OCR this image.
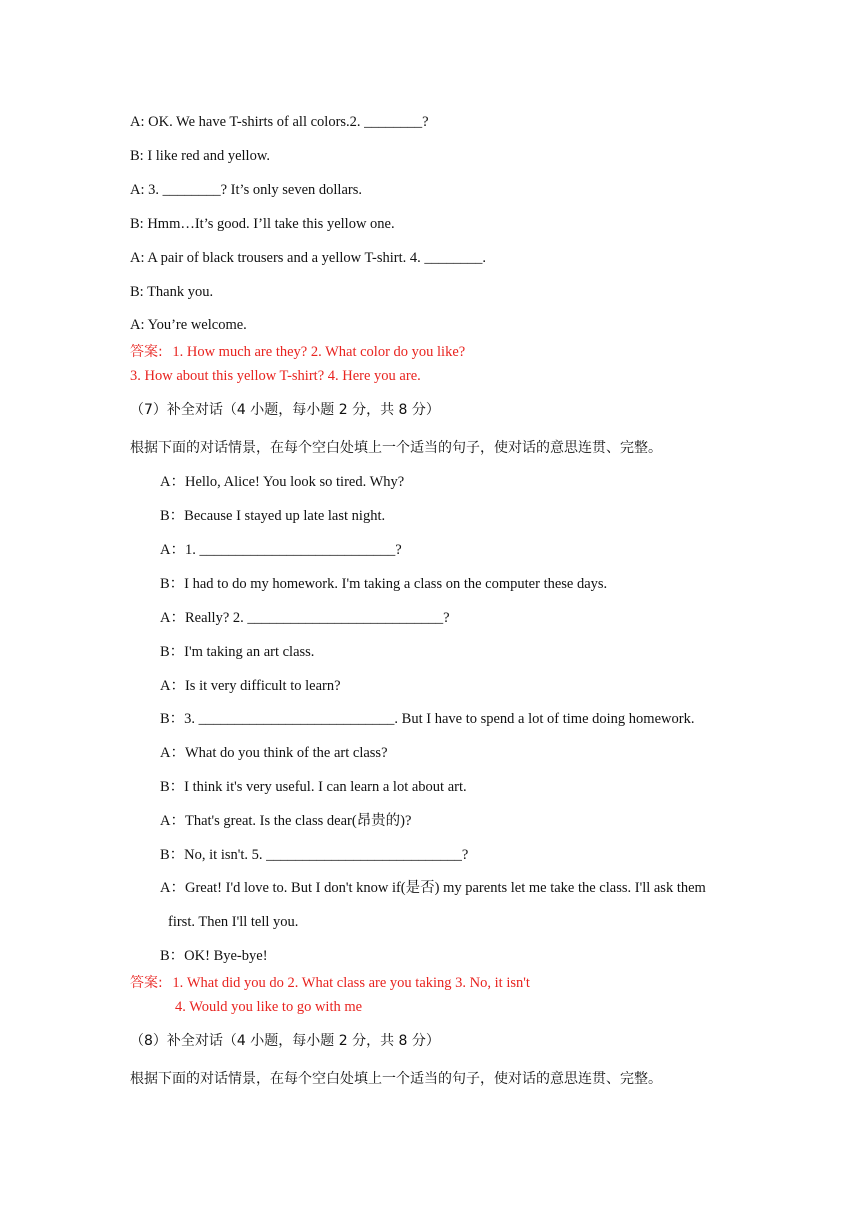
A: OK. We have T-shirts of all colors.2. ________?
B: I like red and yellow.
A: 3. ________? It’s only seven dollars.
B: Hmm…It’s good. I’ll take this yellow one.
A: A pair of black trousers and a yellow T-shirt. 4. ________.
B: Thank you.
A: You’re welcome.
答案: 1. How much are they? 2. What color do you like?
3. How about this yellow T-shirt? 4. Here you are.
（7）补全对话（4 小题，每小题 2 分，共 8 分）
根据下面的对话情景，在每个空白处填上一个适当的句子，使对话的意思连贯、完整。
A：Hello, Alice! You look so tired. Why?
B：Because I stayed up late last night.
A：1. ___________________________?
B：I had to do my homework. I'm taking a class on the computer these days.
A：Really? 2. ___________________________?
B：I'm taking an art class.
A：Is it very difficult to learn?
B：3. ___________________________. But I have to spend a lot of time doing homework.
A：What do you think of the art class?
B：I think it's very useful. I can learn a lot about art.
A：That's great. Is the class dear(昂贵的)?
B：No, it isn't. 5. ___________________________?
A：Great! I'd love to. But I don't know if(是否) my parents let me take the class. I'll ask them
first. Then I'll tell you.
B：OK! Bye-bye!
答案: 1. What did you do 2. What class are you taking 3. No, it isn't
4. Would you like to go with me
（8）补全对话（4 小题，每小题 2 分，共 8 分）
根据下面的对话情景，在每个空白处填上一个适当的句子，使对话的意思连贯、完整。
